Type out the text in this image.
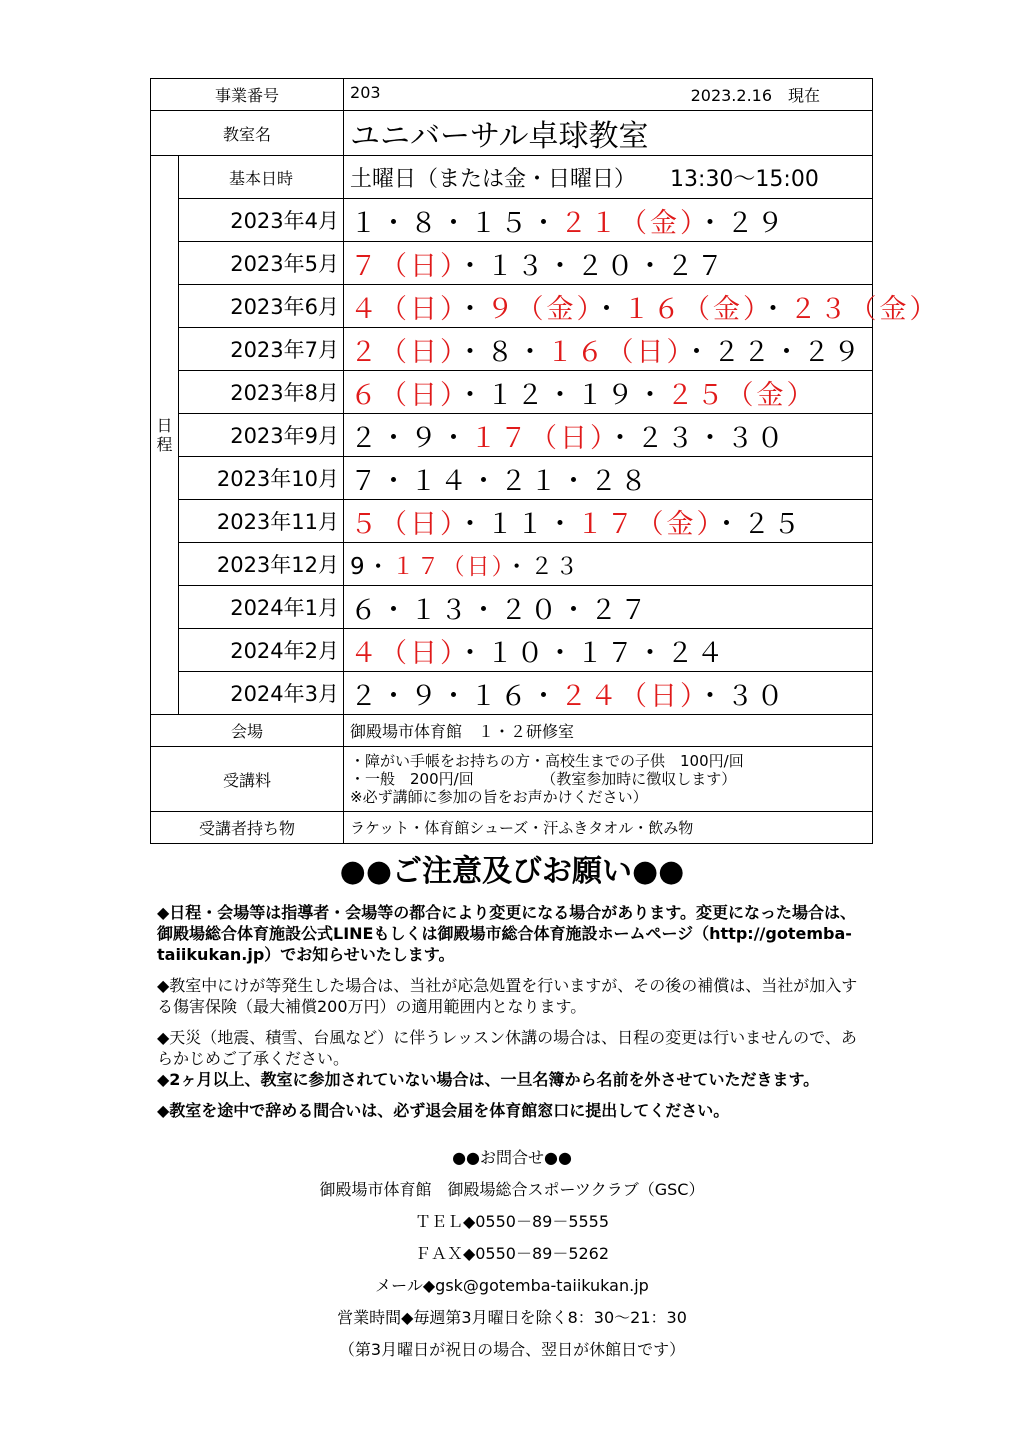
事業番号		203 2023.2.16　現在

教室名		ユニバーサル卓球教室

日
程	基本日時	土曜日（または金・日曜日） 13:30～15:00
	2023年4月	１・８・１５・２１（金）・２９
	2023年5月	７（日）・１３・２０・２７
	2023年6月	４（日）・９（金）・１６（金）・２３（金）
	2023年7月	２（日）・８・１６（日）・２２・２９
	2023年8月	６（日）・１２・１９・２５（金）
	2023年9月	２・９・１７（日）・２３・３０
	2023年10月	７・１４・２１・２８
	2023年11月	５（日）・１１・１７（金）・２５
	2023年12月	9・１７（日）・２３
	2024年1月	６・１３・２０・２７
	2024年2月	４（日）・１０・１７・２４
	2024年3月	２・９・１６・２４（日）・３０
会場		御殿場市体育館　１・２研修室
受講料		・障がい手帳をお持ちの方・高校生までの子供　100円/回
・一般　200円/回　　　　　（教室参加時に徴収します）
※必ず講師に参加の旨をお声かけください）

受講者持ち物		ラケット・体育館シューズ・汗ふきタオル・飲み物
●●ご注意及びお願い●●

◆日程・会場等は指導者・会場等の都合により変更になる場合があります。変更になった場合は、御殿場総合体育施設公式LINEもしくは御殿場市総合体育施設ホームページ（http://gotemba-taiikukan.jp）でお知らせいたします。

◆教室中にけが等発生した場合は、当社が応急処置を行いますが、その後の補償は、当社が加入する傷害保険（最大補償200万円）の適用範囲内となります。

◆天災（地震、積雪、台風など）に伴うレッスン休講の場合は、日程の変更は行いませんので、あらかじめご了承ください。

◆2ヶ月以上、教室に参加されていない場合は、一旦名簿から名前を外させていただきます。

◆教室を途中で辞める間合いは、必ず退会届を体育館窓口に提出してください。

●●お問合せ●●
御殿場市体育館　御殿場総合スポーツクラブ（GSC）
ＴＥＬ◆0550－89－5555
ＦＡＸ◆0550－89－5262
メール◆gsk@gotemba-taiikukan.jp
営業時間◆毎週第3月曜日を除く8：30～21：30
（第3月曜日が祝日の場合、翌日が休館日です）
